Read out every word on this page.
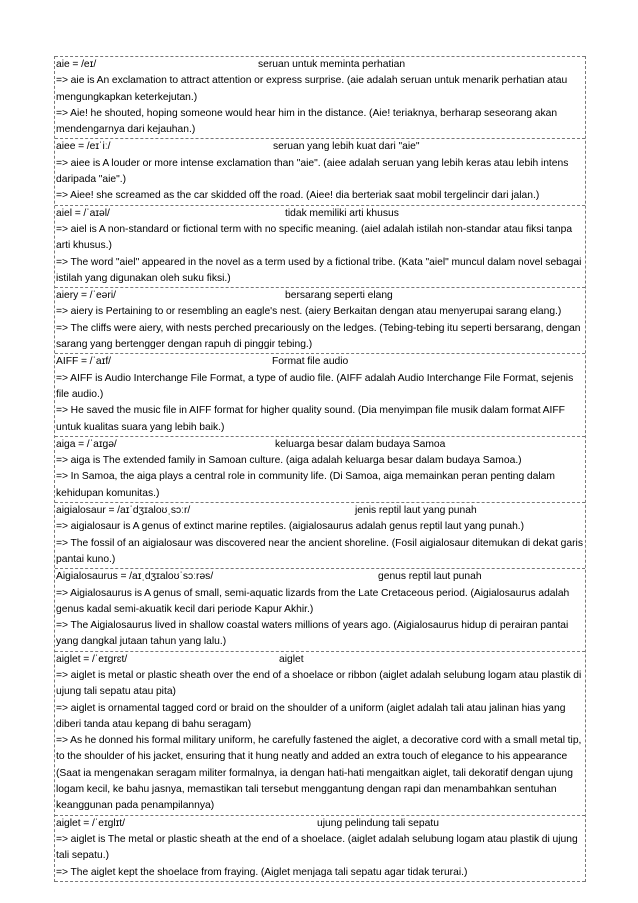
aie = /eɪ/	seruan untuk meminta perhatian
=> aie is An exclamation to attract attention or express surprise. (aie adalah seruan untuk menarik perhatian atau mengungkapkan keterkejutan.)
=> Aie! he shouted, hoping someone would hear him in the distance. (Aie! teriaknya, berharap seseorang akan mendengarnya dari kejauhan.)
aiee = /eɪˈiː/	seruan yang lebih kuat dari "aie"
=> aiee is A louder or more intense exclamation than "aie". (aiee adalah seruan yang lebih keras atau lebih intens daripada "aie".)
=> Aiee! she screamed as the car skidded off the road. (Aiee! dia berteriak saat mobil tergelincir dari jalan.)
aiel = /ˈaɪəl/	tidak memiliki arti khusus
=> aiel is A non-standard or fictional term with no specific meaning. (aiel adalah istilah non-standar atau fiksi tanpa arti khusus.)
=> The word "aiel" appeared in the novel as a term used by a fictional tribe. (Kata "aiel" muncul dalam novel sebagai istilah yang digunakan oleh suku fiksi.)
aiery = /ˈeəri/	bersarang seperti elang
=> aiery is Pertaining to or resembling an eagle's nest. (aiery Berkaitan dengan atau menyerupai sarang elang.)
=> The cliffs were aiery, with nests perched precariously on the ledges. (Tebing-tebing itu seperti bersarang, dengan sarang yang bertengger dengan rapuh di pinggir tebing.)
AIFF = /ˈaɪf/	Format file audio
=> AIFF is Audio Interchange File Format, a type of audio file. (AIFF adalah Audio Interchange File Format, sejenis file audio.)
=> He saved the music file in AIFF format for higher quality sound. (Dia menyimpan file musik dalam format AIFF untuk kualitas suara yang lebih baik.)
aiga = /ˈaɪɡə/	keluarga besar dalam budaya Samoa
=> aiga is The extended family in Samoan culture. (aiga adalah keluarga besar dalam budaya Samoa.)
=> In Samoa, the aiga plays a central role in community life. (Di Samoa, aiga memainkan peran penting dalam kehidupan komunitas.)
aigialosaur = /aɪˈdʒɪaloʊˌsɔːr/	jenis reptil laut yang punah
=> aigialosaur is A genus of extinct marine reptiles. (aigialosaurus adalah genus reptil laut yang punah.)
=> The fossil of an aigialosaur was discovered near the ancient shoreline. (Fosil aigialosaur ditemukan di dekat garis pantai kuno.)
Aigialosaurus = /aɪˌdʒɪaloʊˈsɔːrəs/	genus reptil laut punah
=> Aigialosaurus is A genus of small, semi-aquatic lizards from the Late Cretaceous period. (Aigialosaurus adalah genus kadal semi-akuatik kecil dari periode Kapur Akhir.)
=> The Aigialosaurus lived in shallow coastal waters millions of years ago. (Aigialosaurus hidup di perairan pantai yang dangkal jutaan tahun yang lalu.)
aiglet = /ˈeɪɡrɛt/	aiglet
=> aiglet is metal or plastic sheath over the end of a shoelace or ribbon (aiglet adalah selubung logam atau plastik di ujung tali sepatu atau pita)
=> aiglet is ornamental tagged cord or braid on the shoulder of a uniform (aiglet adalah tali atau jalinan hias yang diberi tanda atau kepang di bahu seragam)
=> As he donned his formal military uniform, he carefully fastened the aiglet, a decorative cord with a small metal tip, to the shoulder of his jacket, ensuring that it hung neatly and added an extra touch of elegance to his appearance (Saat ia mengenakan seragam militer formalnya, ia dengan hati-hati mengaitkan aiglet, tali dekoratif dengan ujung logam kecil, ke bahu jasnya, memastikan tali tersebut menggantung dengan rapi dan menambahkan sentuhan keanggunan pada penampilannya)
aiglet = /ˈeɪɡlɪt/	ujung pelindung tali sepatu
=> aiglet is The metal or plastic sheath at the end of a shoelace. (aiglet adalah selubung logam atau plastik di ujung tali sepatu.)
=> The aiglet kept the shoelace from fraying. (Aiglet menjaga tali sepatu agar tidak terurai.)
